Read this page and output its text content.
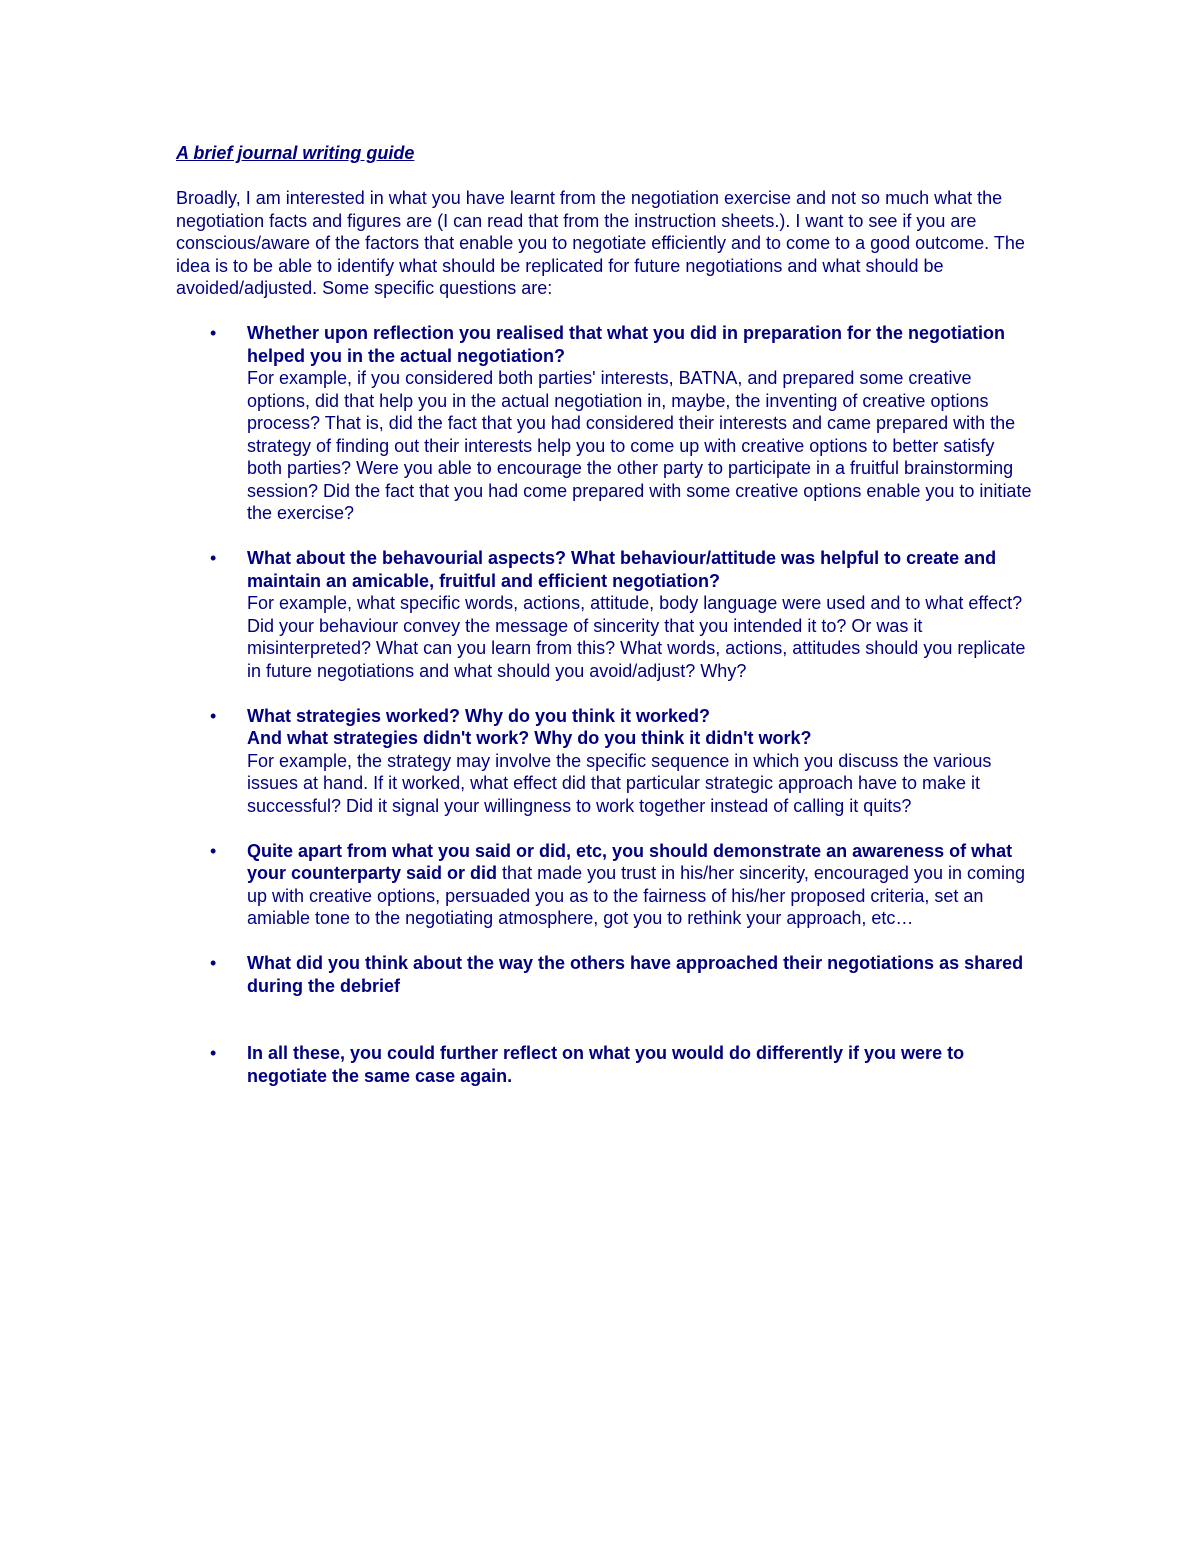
A brief journal writing guide
Broadly, I am interested in what you have learnt from the negotiation exercise and not so much what the negotiation facts and figures are (I can read that from the instruction sheets.). I want to see if you are conscious/aware of the factors that enable you to negotiate efficiently and to come to a good outcome. The idea is to be able to identify what should be replicated for future negotiations and what should be avoided/adjusted. Some specific questions are:
• Whether upon reflection you realised that what you did in preparation for the negotiation helped you in the actual negotiation?
For example, if you considered both parties' interests, BATNA, and prepared some creative options, did that help you in the actual negotiation in, maybe, the inventing of creative options process? That is, did the fact that you had considered their interests and came prepared with the strategy of finding out their interests help you to come up with creative options to better satisfy both parties? Were you able to encourage the other party to participate in a fruitful brainstorming session? Did the fact that you had come prepared with some creative options enable you to initiate the exercise?
• What about the behavourial aspects? What behaviour/attitude was helpful to create and maintain an amicable, fruitful and efficient negotiation?
For example, what specific words, actions, attitude, body language were used and to what effect? Did your behaviour convey the message of sincerity that you intended it to? Or was it misinterpreted? What can you learn from this? What words, actions, attitudes should you replicate in future negotiations and what should you avoid/adjust? Why?
• What strategies worked? Why do you think it worked?
And what strategies didn't work? Why do you think it didn't work?
For example, the strategy may involve the specific sequence in which you discuss the various issues at hand. If it worked, what effect did that particular strategic approach have to make it successful? Did it signal your willingness to work together instead of calling it quits?
• Quite apart from what you said or did, etc, you should demonstrate an awareness of what your counterparty said or did that made you trust in his/her sincerity, encouraged you in coming up with creative options, persuaded you as to the fairness of his/her proposed criteria, set an amiable tone to the negotiating atmosphere, got you to rethink your approach, etc…
• What did you think about the way the others have approached their negotiations as shared during the debrief
• In all these, you could further reflect on what you would do differently if you were to negotiate the same case again.
